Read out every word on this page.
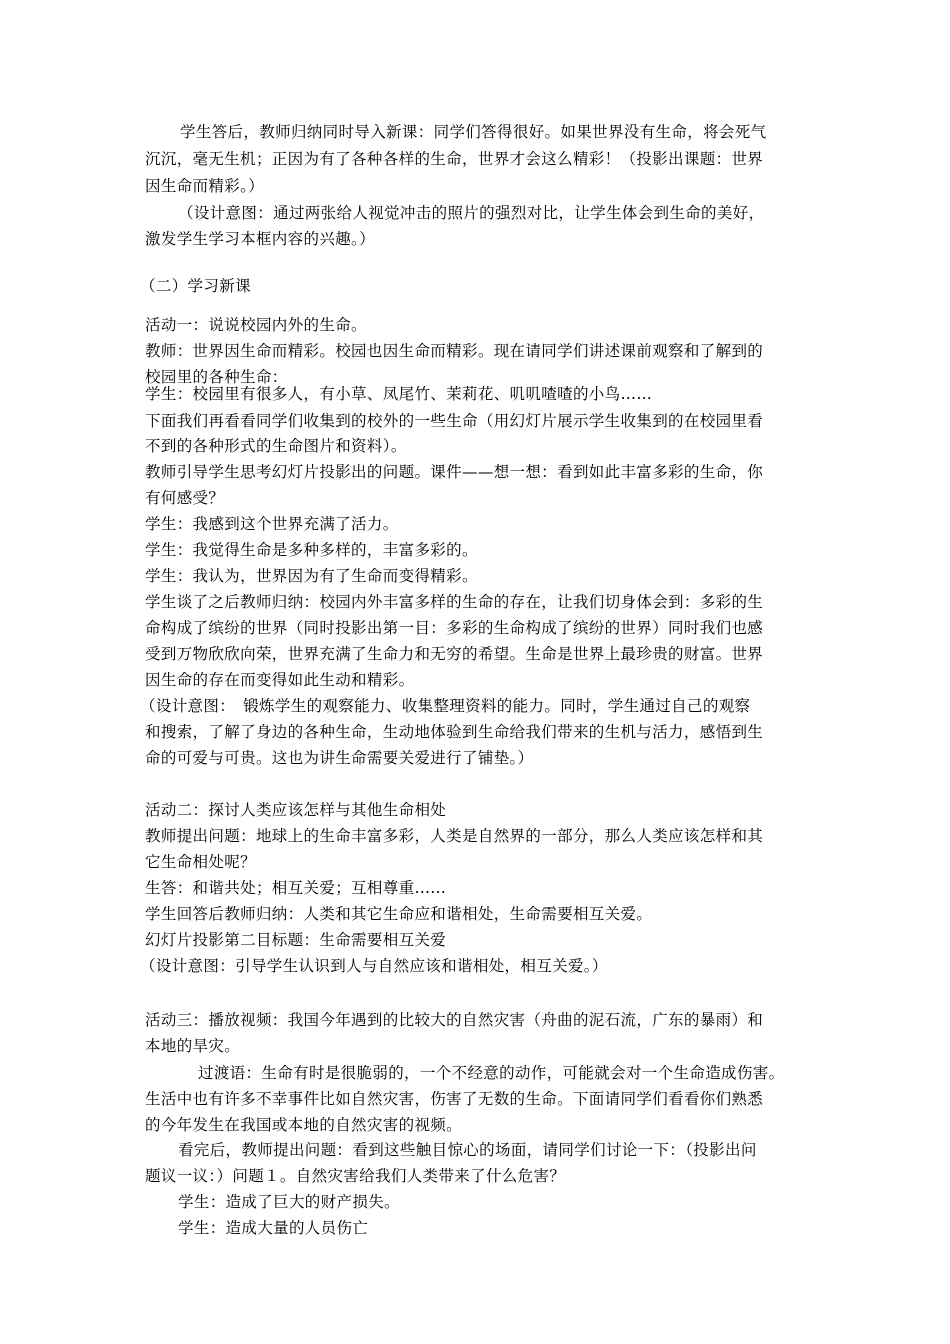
学生答后，教师归纳同时导入新课：同学们答得很好。如果世界没有生命，将会死气
沉沉，毫无生机；正因为有了各种各样的生命，世界才会这么精彩！（投影出课题：世界
因生命而精彩。）
（设计意图：通过两张给人视觉冲击的照片的强烈对比，让学生体会到生命的美好，
激发学生学习本框内容的兴趣。）
（二）学习新课
活动一：说说校园内外的生命。
教师：世界因生命而精彩。校园也因生命而精彩。现在请同学们讲述课前观察和了解到的
校园里的各种生命：
学生：校园里有很多人，有小草、凤尾竹、茉莉花、叽叽喳喳的小鸟……
下面我们再看看同学们收集到的校外的一些生命（用幻灯片展示学生收集到的在校园里看
不到的各种形式的生命图片和资料）。
教师引导学生思考幻灯片投影出的问题。课件——想一想：看到如此丰富多彩的生命，你
有何感受？
学生：我感到这个世界充满了活力。
学生：我觉得生命是多种多样的，丰富多彩的。
学生：我认为，世界因为有了生命而变得精彩。
学生谈了之后教师归纳：校园内外丰富多样的生命的存在，让我们切身体会到：多彩的生
命构成了缤纷的世界（同时投影出第一目：多彩的生命构成了缤纷的世界）同时我们也感
受到万物欣欣向荣，世界充满了生命力和无穷的希望。生命是世界上最珍贵的财富。世界
因生命的存在而变得如此生动和精彩。
（设计意图：　锻炼学生的观察能力、收集整理资料的能力。同时，学生通过自己的观察
和搜索，了解了身边的各种生命，生动地体验到生命给我们带来的生机与活力，感悟到生
命的可爱与可贵。这也为讲生命需要关爱进行了铺垫。）
活动二：探讨人类应该怎样与其他生命相处
教师提出问题：地球上的生命丰富多彩，人类是自然界的一部分，那么人类应该怎样和其
它生命相处呢？
生答：和谐共处；相互关爱；互相尊重……
学生回答后教师归纳：人类和其它生命应和谐相处，生命需要相互关爱。
幻灯片投影第二目标题：生命需要相互关爱
（设计意图：引导学生认识到人与自然应该和谐相处，相互关爱。）
活动三：播放视频：我国今年遇到的比较大的自然灾害（舟曲的泥石流，广东的暴雨）和
本地的旱灾。
过渡语：生命有时是很脆弱的，一个不经意的动作，可能就会对一个生命造成伤害。
生活中也有许多不幸事件比如自然灾害，伤害了无数的生命。下面请同学们看看你们熟悉
的今年发生在我国或本地的自然灾害的视频。
看完后，教师提出问题：看到这些触目惊心的场面，请同学们讨论一下：（投影出问
题议一议：）问题１。自然灾害给我们人类带来了什么危害？
学生：造成了巨大的财产损失。
学生：造成大量的人员伤亡
